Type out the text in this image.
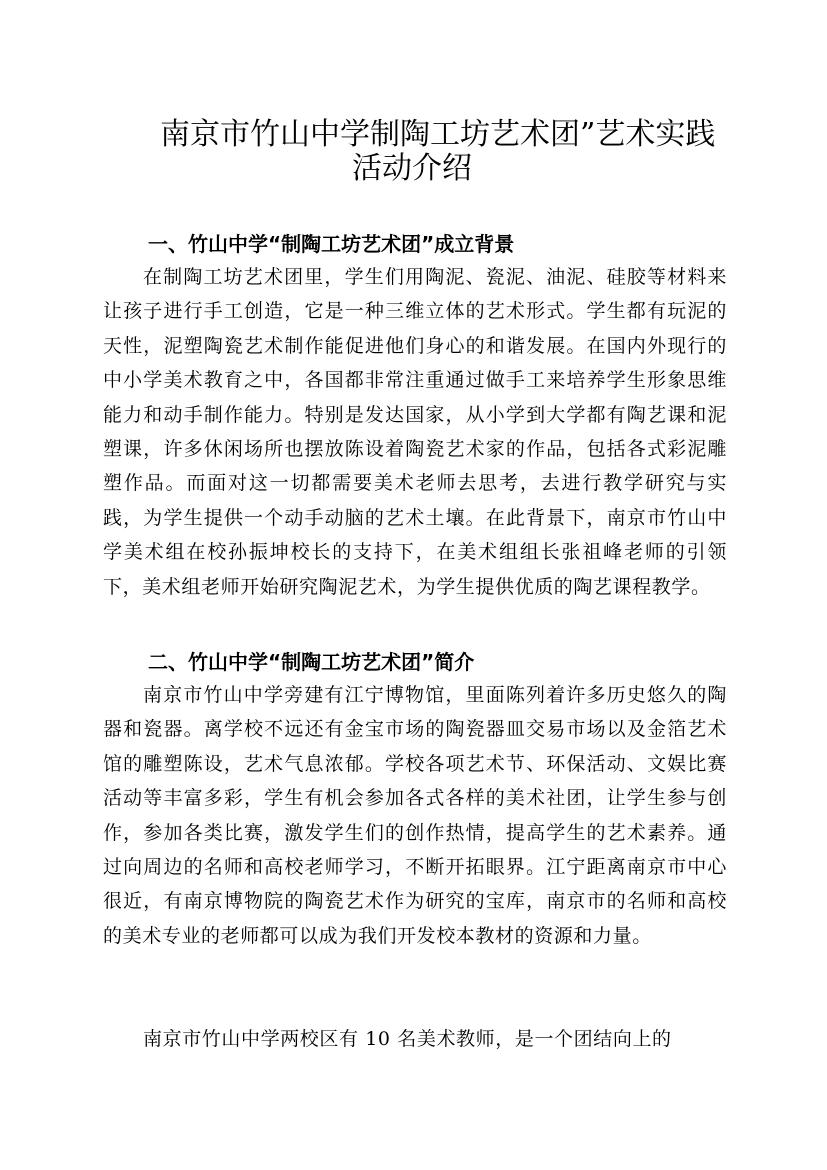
南京市竹山中学制陶工坊艺术团”艺术实践
活动介绍
一、竹山中学“制陶工坊艺术团”成立背景
在制陶工坊艺术团里，学生们用陶泥、瓷泥、油泥、硅胶等材料来让孩子进行手工创造，它是一种三维立体的艺术形式。学生都有玩泥的天性，泥塑陶瓷艺术制作能促进他们身心的和谐发展。在国内外现行的中小学美术教育之中，各国都非常注重通过做手工来培养学生形象思维能力和动手制作能力。特别是发达国家，从小学到大学都有陶艺课和泥塑课，许多休闲场所也摆放陈设着陶瓷艺术家的作品，包括各式彩泥雕塑作品。而面对这一切都需要美术老师去思考，去进行教学研究与实践，为学生提供一个动手动脑的艺术土壤。在此背景下，南京市竹山中学美术组在校孙振坤校长的支持下，在美术组组长张祖峰老师的引领下，美术组老师开始研究陶泥艺术，为学生提供优质的陶艺课程教学。
二、竹山中学“制陶工坊艺术团”简介
南京市竹山中学旁建有江宁博物馆，里面陈列着许多历史悠久的陶器和瓷器。离学校不远还有金宝市场的陶瓷器皿交易市场以及金箔艺术馆的雕塑陈设，艺术气息浓郁。学校各项艺术节、环保活动、文娱比赛活动等丰富多彩，学生有机会参加各式各样的美术社团，让学生参与创作，参加各类比赛，激发学生们的创作热情，提高学生的艺术素养。通过向周边的名师和高校老师学习，不断开拓眼界。江宁距离南京市中心很近，有南京博物院的陶瓷艺术作为研究的宝库，南京市的名师和高校的美术专业的老师都可以成为我们开发校本教材的资源和力量。
南京市竹山中学两校区有 10 名美术教师，是一个团结向上的
